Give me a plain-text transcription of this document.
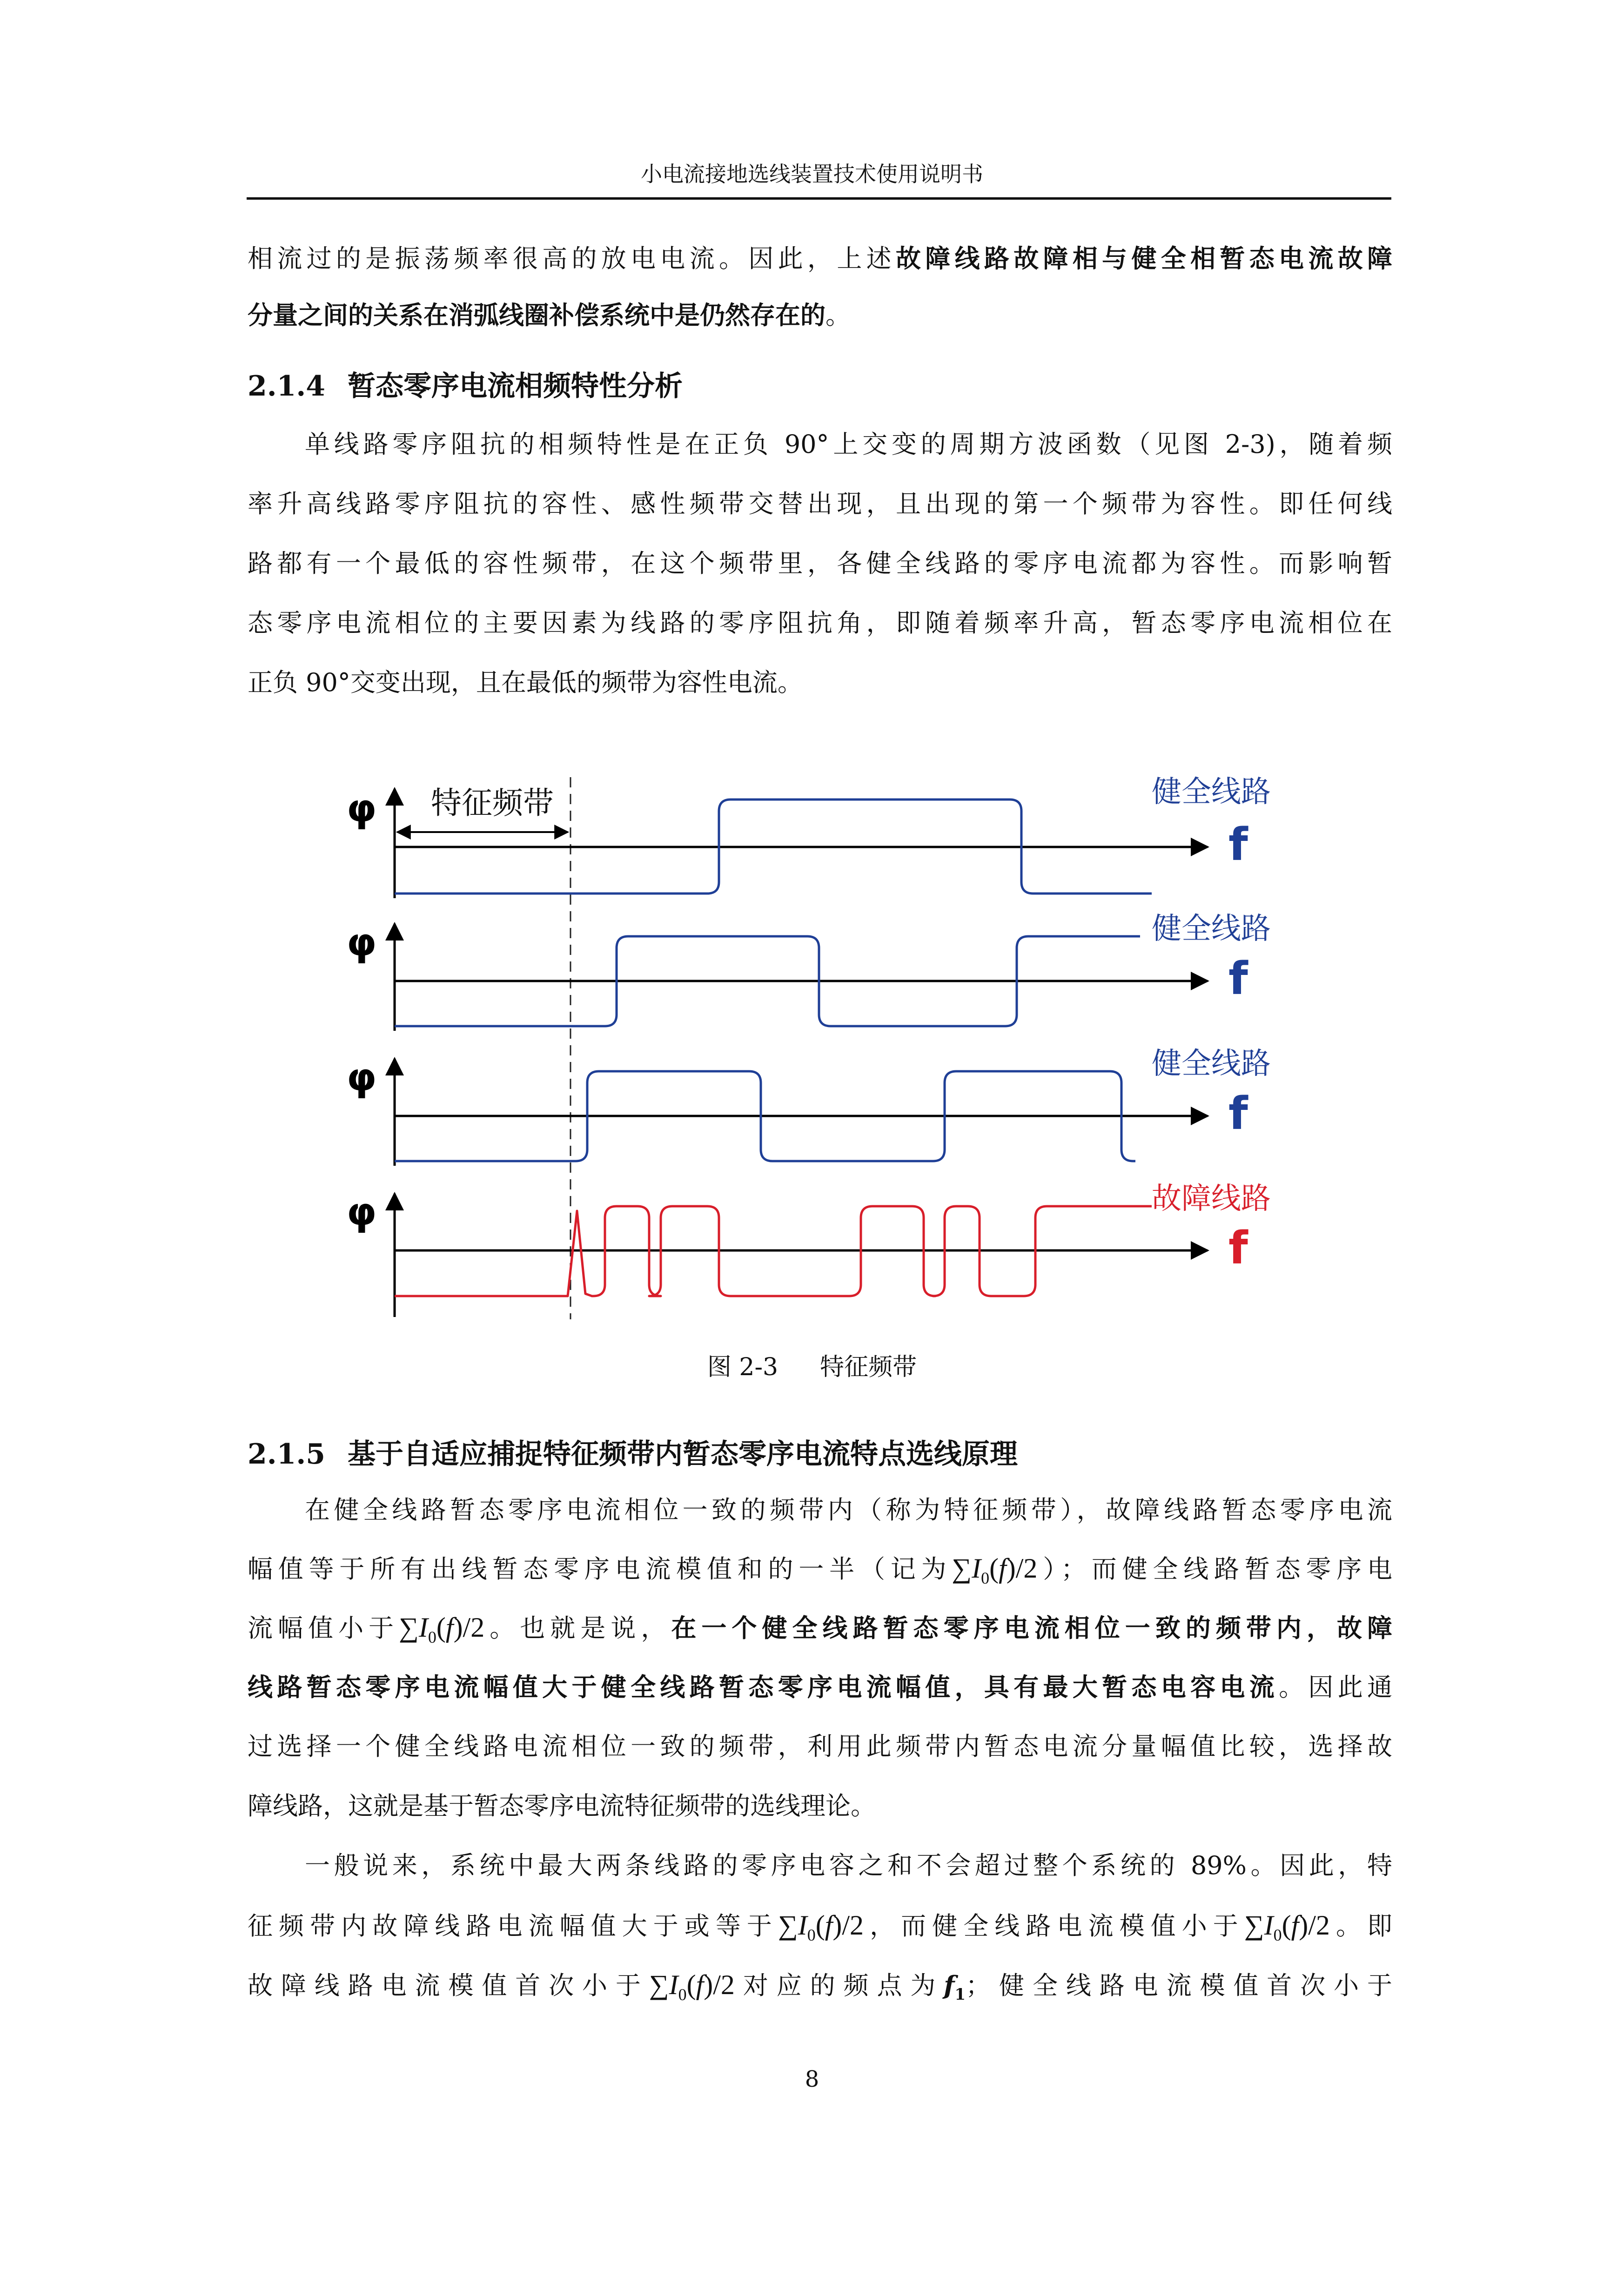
小电流接地选线装置技术使用说明书
相流过的是振荡频率很高的放电电流。因此，上述故障线路故障相与健全相暂态电流故障
分量之间的关系在消弧线圈补偿系统中是仍然存在的。
2.1.4 暂态零序电流相频特性分析
单线路零序阻抗的相频特性是在正负 90°上交变的周期方波函数（见图 2-3)，随着频
率升高线路零序阻抗的容性、感性频带交替出现，且出现的第一个频带为容性。即任何线
路都有一个最低的容性频带，在这个频带里，各健全线路的零序电流都为容性。而影响暂
态零序电流相位的主要因素为线路的零序阻抗角，即随着频率升高，暂态零序电流相位在
正负 90°交变出现，且在最低的频带为容性电流。
特征频带
φ
f
健全线路
φ
f
健全线路
φ
f
健全线路
φ
f
故障线路
图 2-3 特征频带
2.1.5 基于自适应捕捉特征频带内暂态零序电流特点选线原理
在健全线路暂态零序电流相位一致的频带内（称为特征频带），故障线路暂态零序电流
幅值等于所有出线暂态零序电流模值和的一半（记为$\sum I_0(f)/2$）；而健全线路暂态零序电
流幅值小于$\sum I_0(f)/2$。也就是说，在一个健全线路暂态零序电流相位一致的频带内，故障
线路暂态零序电流幅值大于健全线路暂态零序电流幅值，具有最大暂态电容电流。因此通
过选择一个健全线路电流相位一致的频带，利用此频带内暂态电流分量幅值比较，选择故
障线路，这就是基于暂态零序电流特征频带的选线理论。
一般说来，系统中最大两条线路的零序电容之和不会超过整个系统的 89%。因此，特
征频带内故障线路电流幅值大于或等于$\sum I_0(f)/2$，而健全线路电流模值小于$\sum I_0(f)/2$。即
故障线路电流模值首次小于$\sum I_0(f)/2$对应的频点为$f_1$；健全线路电流模值首次小于
8
